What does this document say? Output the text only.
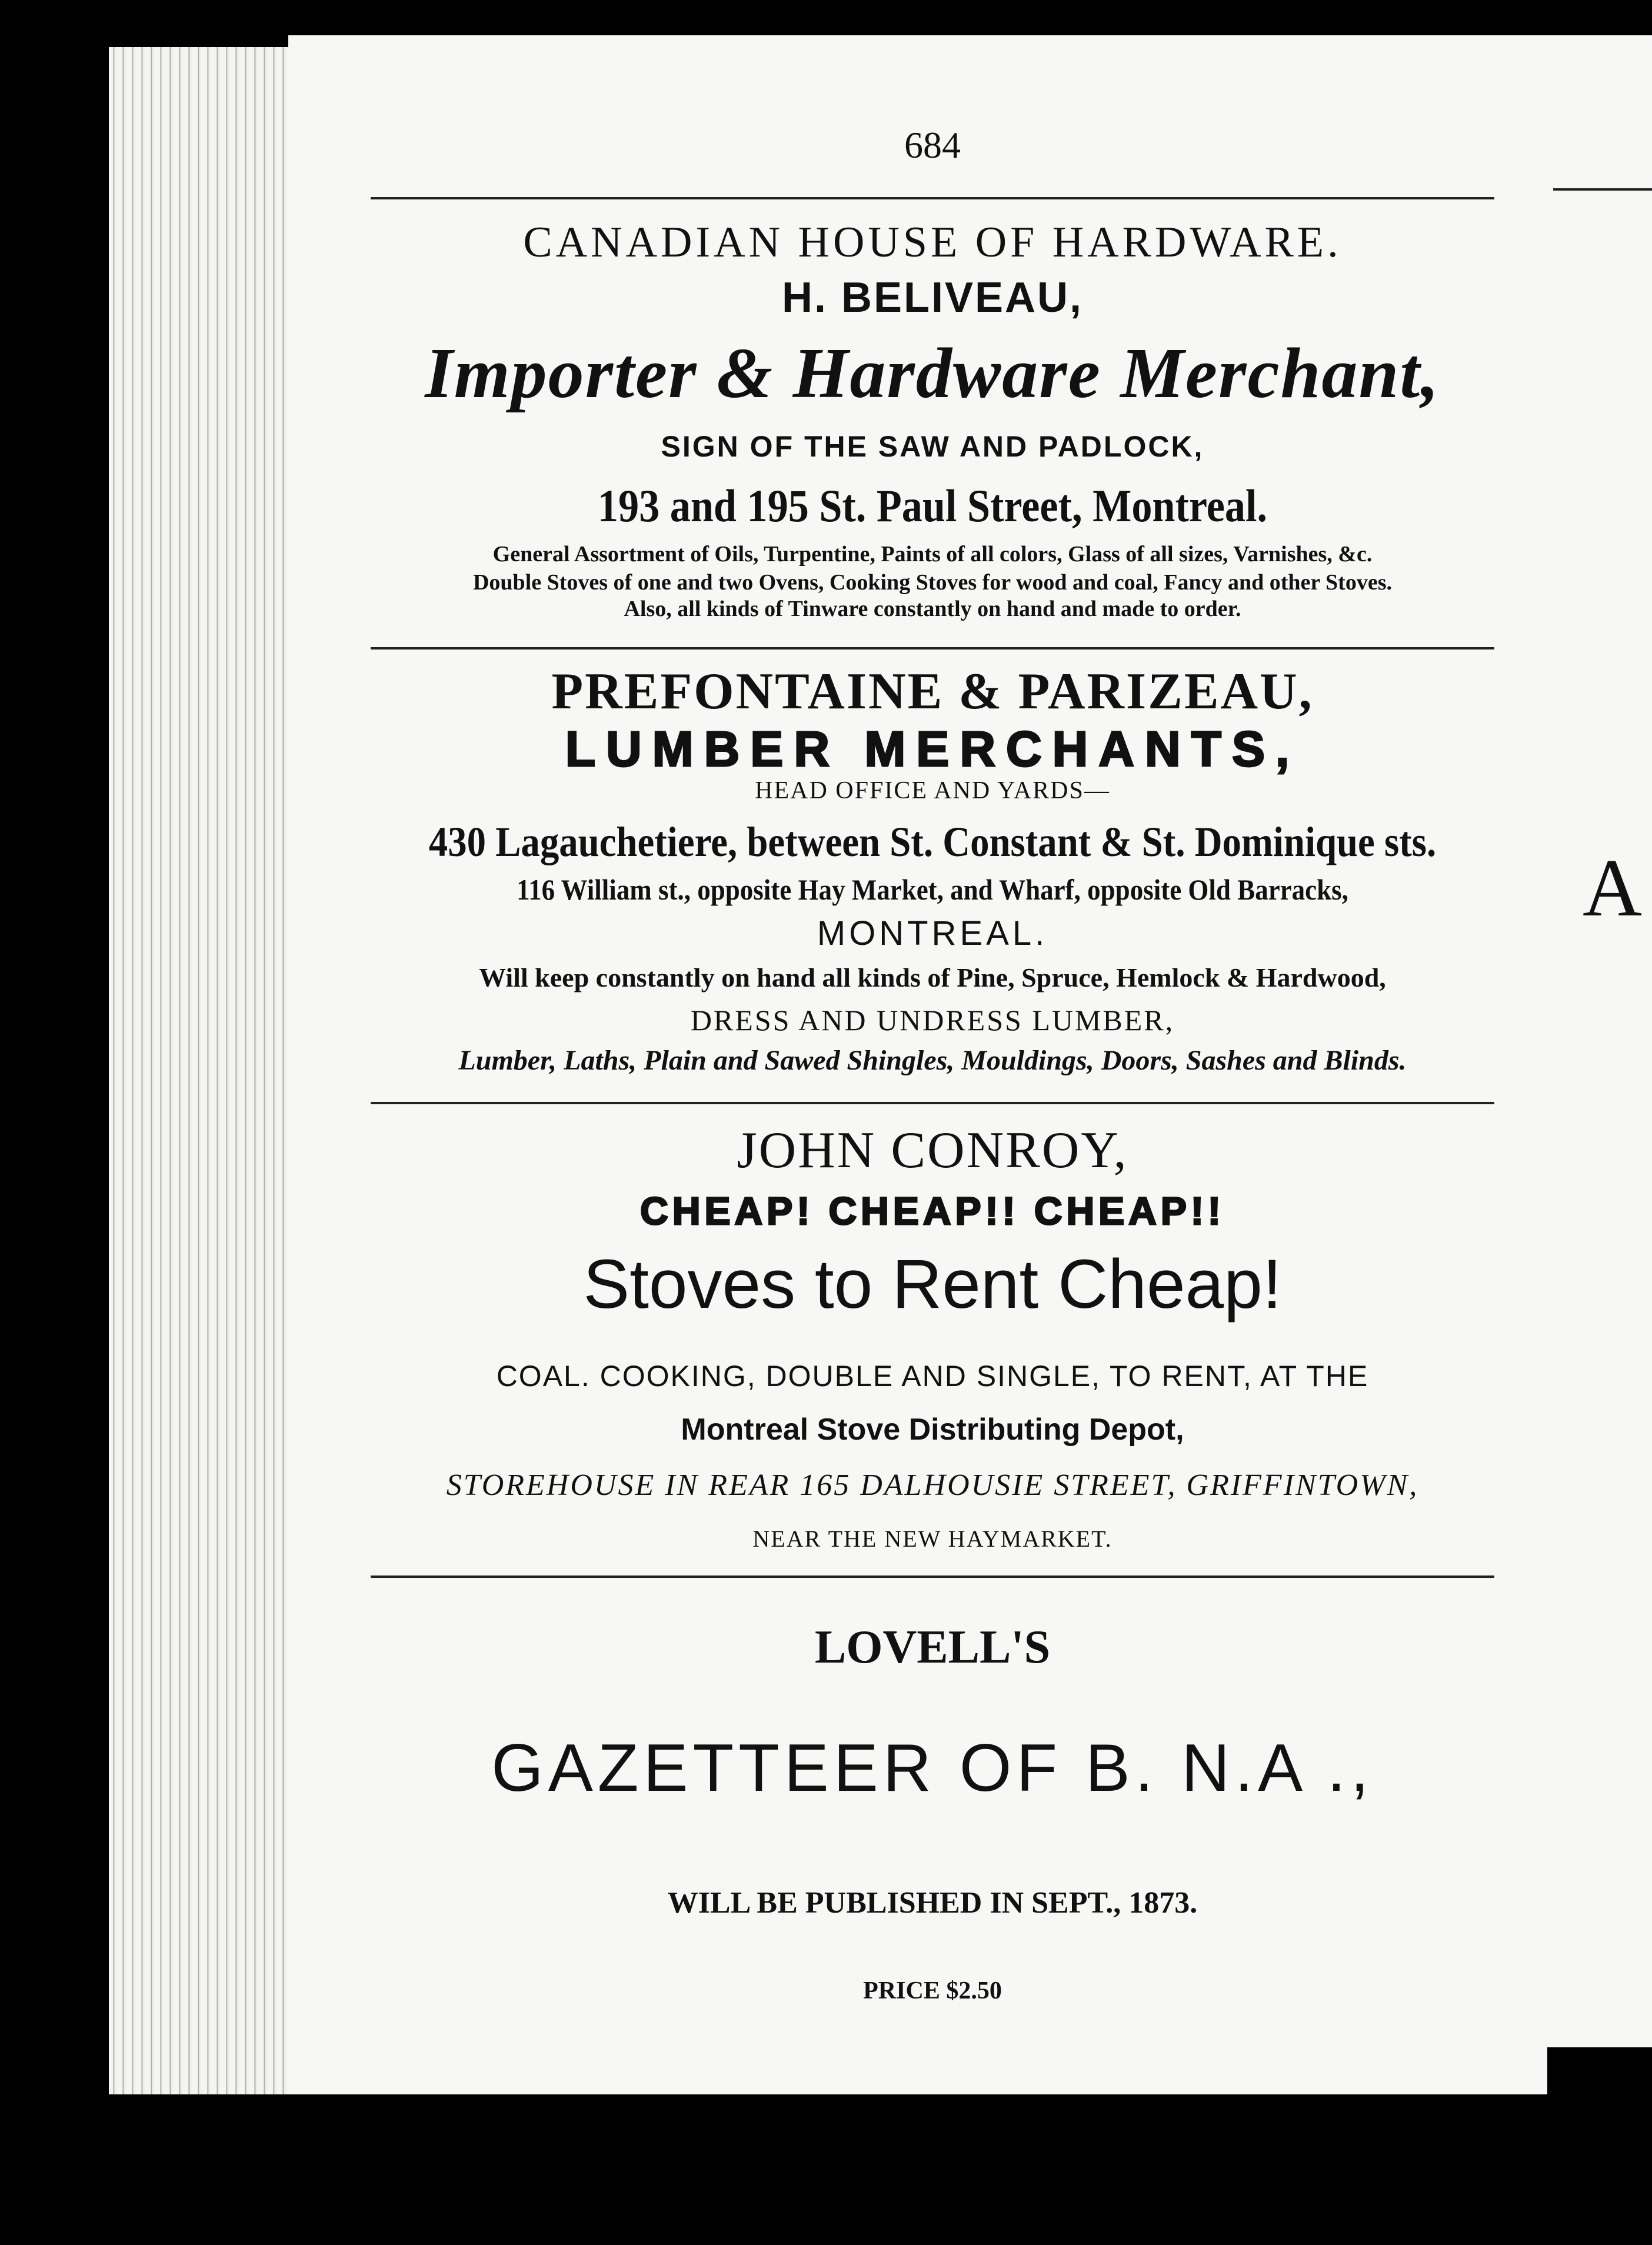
A
684
CANADIAN HOUSE OF HARDWARE.
H. BELIVEAU,
Importer & Hardware Merchant,
SIGN OF THE SAW AND PADLOCK,
193 and 195 St. Paul Street, Montreal.
General Assortment of Oils, Turpentine, Paints of all colors, Glass of all sizes, Varnishes, &c.
Double Stoves of one and two Ovens, Cooking Stoves for wood and coal, Fancy and other Stoves.
Also, all kinds of Tinware constantly on hand and made to order.
PREFONTAINE & PARIZEAU,
LUMBER MERCHANTS,
HEAD OFFICE AND YARDS—
430 Lagauchetiere, between St. Constant & St. Dominique sts.
116 William st., opposite Hay Market, and Wharf, opposite Old Barracks,
MONTREAL.
Will keep constantly on hand all kinds of Pine, Spruce, Hemlock & Hardwood,
DRESS AND UNDRESS LUMBER,
Lumber, Laths, Plain and Sawed Shingles, Mouldings, Doors, Sashes and Blinds.
JOHN CONROY,
CHEAP! CHEAP!! CHEAP!!
Stoves to Rent Cheap!
COAL. COOKING, DOUBLE AND SINGLE, TO RENT, AT THE
Montreal Stove Distributing Depot,
STOREHOUSE IN REAR 165 DALHOUSIE STREET, GRIFFINTOWN,
NEAR THE NEW HAYMARKET.
LOVELL'S
GAZETTEER OF B. N.A .,
WILL BE PUBLISHED IN SEPT., 1873.
PRICE $2.50
